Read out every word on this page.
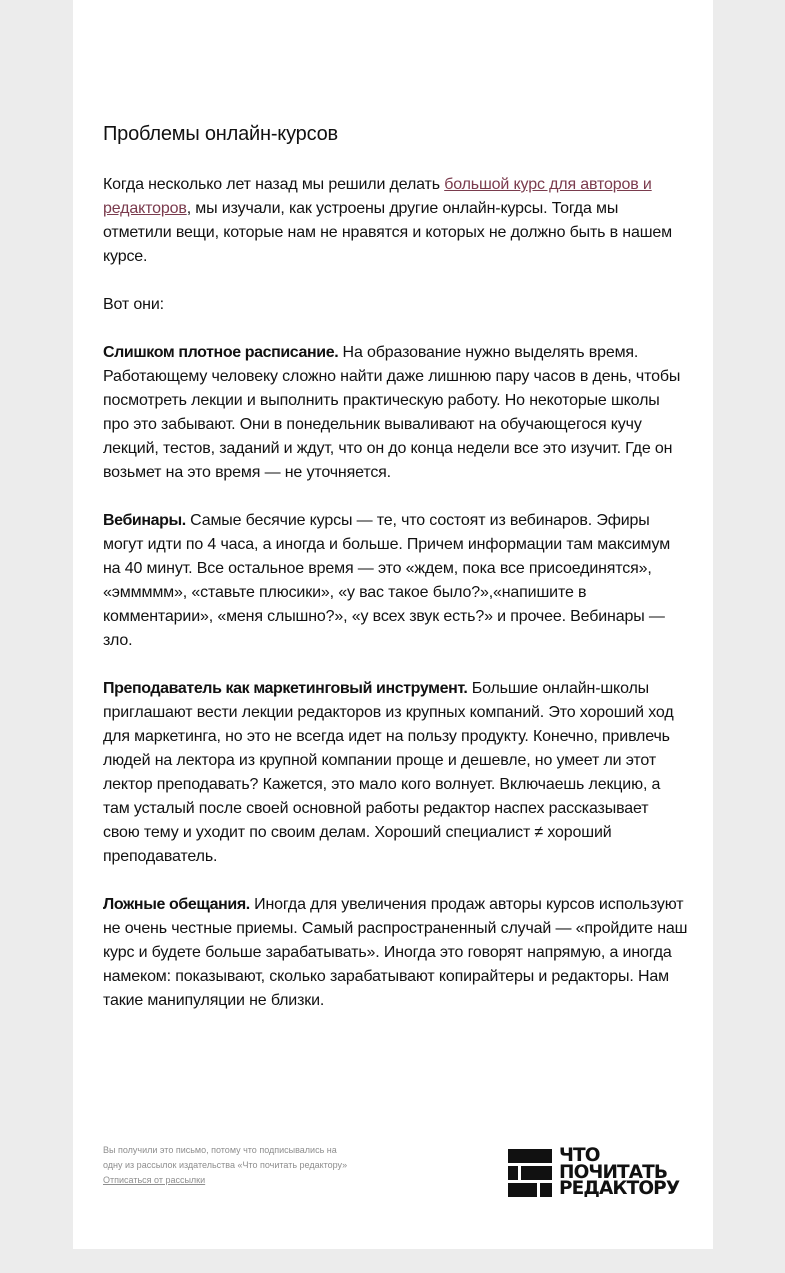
Проблемы онлайн-курсов

Когда несколько лет назад мы решили делать большой курс для авторов и редакторов, мы изучали, как устроены другие онлайн-курсы. Тогда мы отметили вещи, которые нам не нравятся и которых не должно быть в нашем курсе.

Вот они:

Слишком плотное расписание. На образование нужно выделять время. Работающему человеку сложно найти даже лишнюю пару часов в день, чтобы посмотреть лекции и выполнить практическую работу. Но некоторые школы про это забывают. Они в понедельник вываливают на обучающегося кучу лекций, тестов, заданий и ждут, что он до конца недели все это изучит. Где он возьмет на это время — не уточняется.

Вебинары. Самые бесячие курсы — те, что состоят из вебинаров. Эфиры могут идти по 4 часа, а иногда и больше. Причем информации там максимум на 40 минут. Все остальное время — это «ждем, пока все присоединятся», «эммммм», «ставьте плюсики», «у вас такое было?»,«напишите в комментарии», «меня слышно?», «у всех звук есть?» и прочее. Вебинары — зло.

Преподаватель как маркетинговый инструмент. Большие онлайн-школы приглашают вести лекции редакторов из крупных компаний. Это хороший ход для маркетинга, но это не всегда идет на пользу продукту. Конечно, привлечь людей на лектора из крупной компании проще и дешевле, но умеет ли этот лектор преподавать? Кажется, это мало кого волнует. Включаешь лекцию, а там усталый после своей основной работы редактор наспех рассказывает свою тему и уходит по своим делам. Хороший специалист ≠ хороший преподаватель.

Ложные обещания. Иногда для увеличения продаж авторы курсов используют не очень честные приемы. Самый распространенный случай — «пройдите наш курс и будете больше зарабатывать». Иногда это говорят напрямую, а иногда намеком: показывают, сколько зарабатывают копирайтеры и редакторы. Нам такие манипуляции не близки.

Вы получили это письмо, потому что подписывались на
одну из рассылок издательства «Что почитать редактору»
Отписаться от рассылки
ЧТО
ПОЧИТАТЬ
РЕДАКТОРУ
